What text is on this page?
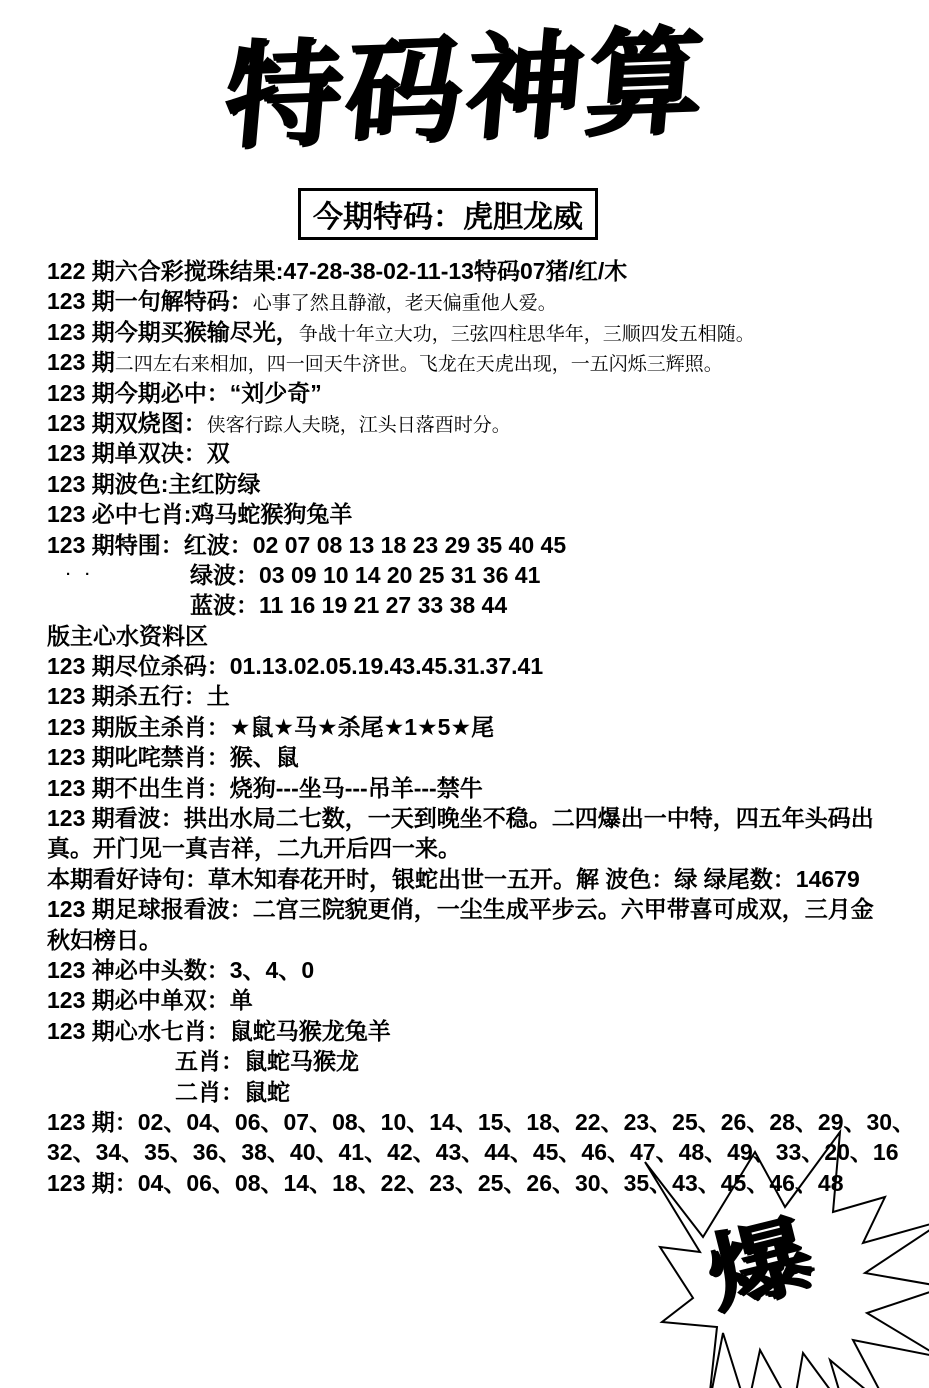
特码神算
今期特码：虎胆龙威
· ·
122 期六合彩搅珠结果:47-28-38-02-11-13特码07猪/红/木
123 期一句解特码：心事了然且静澈，老天偏重他人爱。
123 期今期买猴输尽光，争战十年立大功，三弦四柱思华年，三顺四发五相随。
123 期二四左右来相加，四一回天牛济世。飞龙在天虎出现，一五闪烁三辉照。
123 期今期必中：“刘少奇”
123 期双烧图：侠客行踪人夫晓，江头日落酉时分。
123 期单双决：双
123 期波色:主红防绿
123 必中七肖:鸡马蛇猴狗兔羊
123 期特围：红波：02 07 08 13 18 23 29 35 40 45
绿波：03 09 10 14 20 25 31 36 41
蓝波：11 16 19 21 27 33 38 44
版主心水资料区
123 期尽位杀码：01.13.02.05.19.43.45.31.37.41
123 期杀五行：土
123 期版主杀肖：★鼠★马★杀尾★1★5★尾
123 期叱咤禁肖：猴、鼠
123 期不出生肖：烧狗---坐马---吊羊---禁牛
123 期看波：拱出水局二七数，一天到晚坐不稳。二四爆出一中特，四五年头码出
真。开门见一真吉祥，二九开后四一来。
本期看好诗句：草木知春花开时，银蛇出世一五开。解 波色：绿 绿尾数：14679
123 期足球报看波：二宫三院貌更俏，一尘生成平步云。六甲带喜可成双，三月金
秋妇榜日。
123 神必中头数：3、4、0
123 期必中单双：单
123 期心水七肖：鼠蛇马猴龙兔羊
五肖：鼠蛇马猴龙
二肖：鼠蛇
123 期：02、04、06、07、08、10、14、15、18、22、23、25、26、28、29、30、
32、34、35、36、38、40、41、42、43、44、45、46、47、48、49、33、20、16
123 期：04、06、08、14、18、22、23、25、26、30、35、43、45、46、48
爆
